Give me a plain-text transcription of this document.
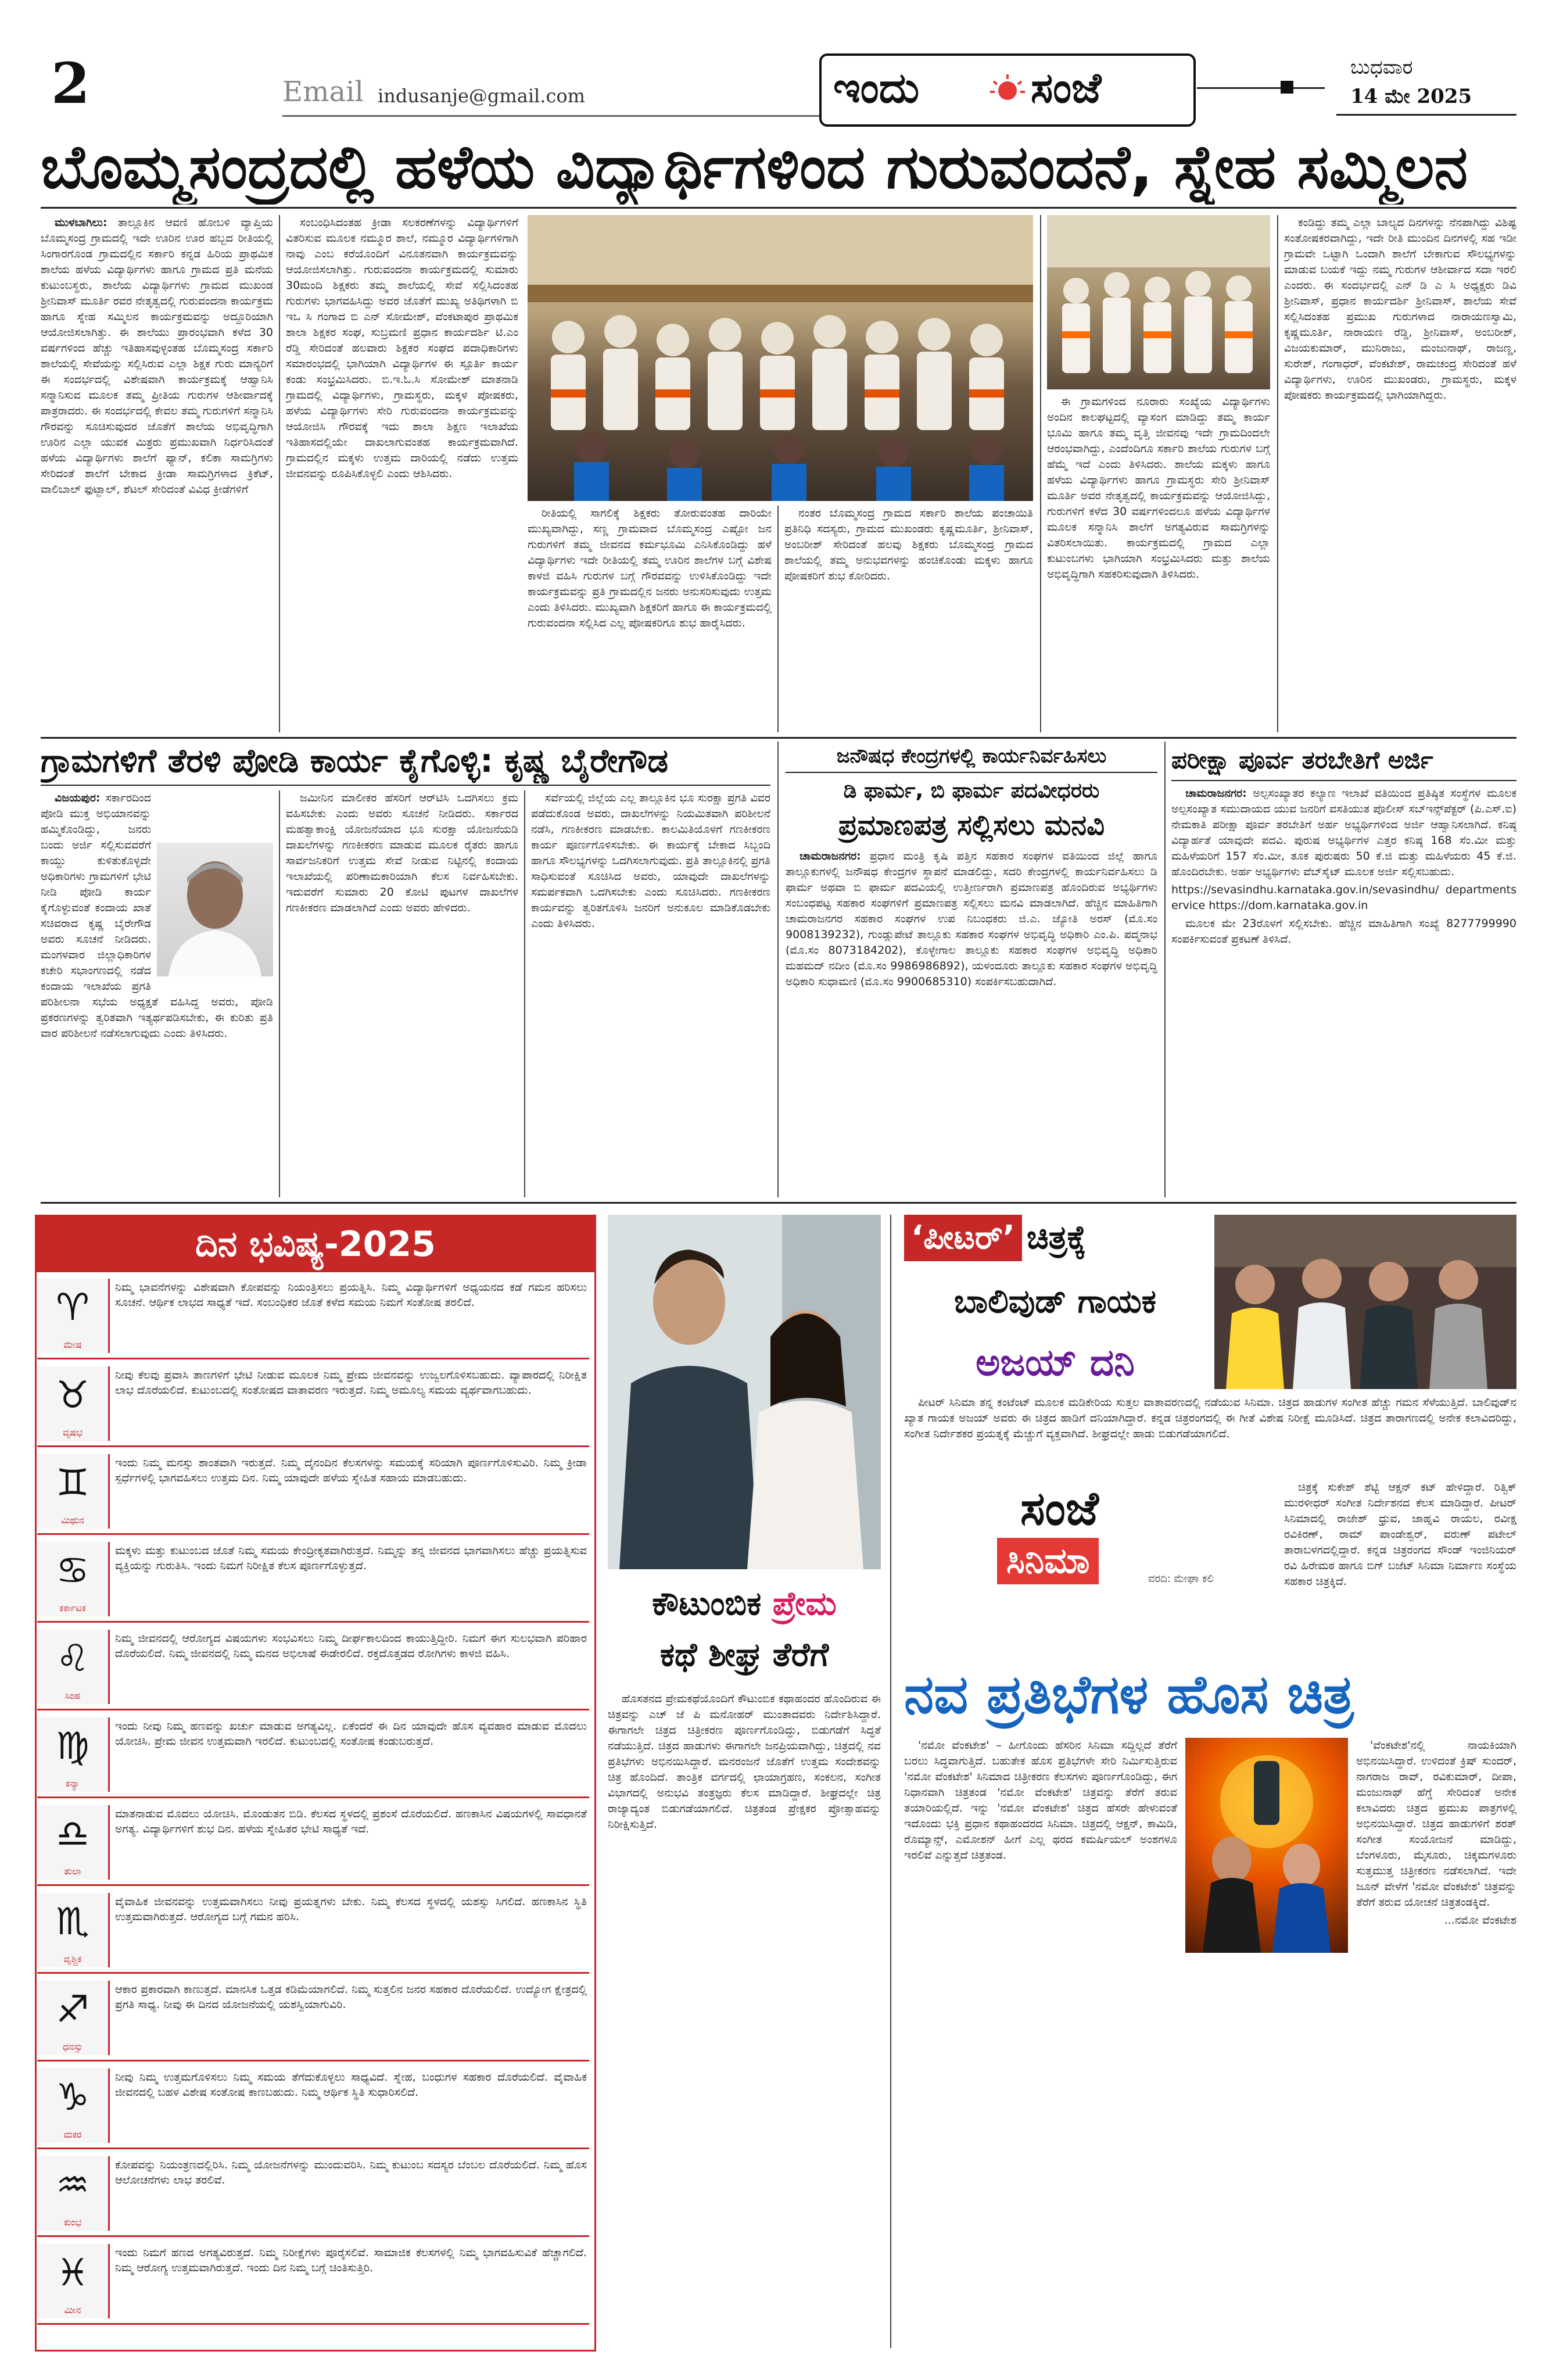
2	Email indusanje@gmail.com	ಇಂದು	ಸಂಜೆ	ಬುಧವಾರ
14 ಮೇ 2025
ಬೊಮ್ಮಸಂದ್ರದಲ್ಲಿ ಹಳೆಯ ವಿದ್ಯಾರ್ಥಿಗಳಿಂದ ಗುರುವಂದನೆ, ಸ್ನೇಹ ಸಮ್ಮಿಲನ

ಮುಳಬಾಗಿಲು: ತಾಲ್ಲೂಕಿನ ಆವಣಿ ಹೋಬಳಿ ವ್ಯಾಪ್ತಿಯ ಬೊಮ್ಮಸಂದ್ರ ಗ್ರಾಮದಲ್ಲಿ ಇದೇ ಊರಿನ ಊರ ಹಬ್ಬದ ರೀತಿಯಲ್ಲಿ ಸಿಂಗಾರಗೊಂಡ ಗ್ರಾಮದಲ್ಲಿನ ಸರ್ಕಾರಿ ಕನ್ನಡ ಹಿರಿಯ ಪ್ರಾಥಮಿಕ ಶಾಲೆಯ ಹಳೆಯ ವಿದ್ಯಾರ್ಥಿಗಳು ಹಾಗೂ ಗ್ರಾಮದ ಪ್ರತಿ ಮನೆಯ ಕುಟುಂಬಸ್ಥರು, ಶಾಲೆಯ ವಿದ್ಯಾರ್ಥಿಗಳು ಗ್ರಾಮದ ಮುಖಂಡ ಶ್ರೀನಿವಾಸ್ ಮೂರ್ತಿ ರವರ ನೇತೃತ್ವದಲ್ಲಿ ಗುರುವಂದನಾ ಕಾರ್ಯಕ್ರಮ ಹಾಗೂ ಸ್ನೇಹ ಸಮ್ಮಿಲನ ಕಾರ್ಯಕ್ರಮವನ್ನು ಅದ್ದೂರಿಯಾಗಿ ಆಯೋಜಿಸಲಾಗಿತ್ತು. ಈ ಶಾಲೆಯು ಪ್ರಾರಂಭವಾಗಿ ಕಳೆದ 30 ವರ್ಷಗಳಿಂದ ಹೆಚ್ಚು ಇತಿಹಾಸವುಳ್ಳಂತಹ ಬೊಮ್ಮಸಂದ್ರ ಸರ್ಕಾರಿ ಶಾಲೆಯಲ್ಲಿ ಸೇವೆಯನ್ನು ಸಲ್ಲಿಸಿರುವ ಎಲ್ಲಾ ಶಿಕ್ಷಕ ಗುರು ಮಾನ್ಯರಿಗೆ ಈ ಸಂದರ್ಭದಲ್ಲಿ ವಿಶೇಷವಾಗಿ ಕಾರ್ಯಕ್ರಮಕ್ಕೆ ಆಹ್ವಾನಿಸಿ ಸನ್ಮಾನಿಸುವ ಮೂಲಕ ತಮ್ಮ ಪ್ರೀತಿಯ ಗುರುಗಳ ಆಶೀರ್ವಾದಕ್ಕೆ ಪಾತ್ರರಾದರು. ಈ ಸಂದರ್ಭದಲ್ಲಿ ಕೇವಲ ತಮ್ಮ ಗುರುಗಳಿಗೆ ಸನ್ಮಾನಿಸಿ ಗೌರವನ್ನು ಸೂಚಿಸುವುದರ ಜೊತೆಗೆ ಶಾಲೆಯ ಅಭಿವೃದ್ಧಿಗಾಗಿ ಊರಿನ ಎಲ್ಲಾ ಯುವಕ ಮಿತ್ರರು ಪ್ರಮುಖವಾಗಿ ನಿರ್ಧರಿಸಿದಂತೆ ಹಳೆಯ ವಿದ್ಯಾರ್ಥಿಗಳು ಶಾಲೆಗೆ ಫ್ಯಾನ್, ಕಲಿಕಾ ಸಾಮಗ್ರಿಗಳು ಸೇರಿದಂತೆ ಶಾಲೆಗೆ ಬೇಕಾದ ಕ್ರೀಡಾ ಸಾಮಗ್ರಿಗಳಾದ ಕ್ರಿಕೆಟ್, ವಾಲಿಬಾಲ್ ಫುಟ್ಬಾಲ್, ಶೆಟಲ್ ಸೇರಿದಂತೆ ವಿವಿಧ ಕ್ರೀಡೆಗಳಿಗೆ

ಸಂಬಂಧಿಸಿದಂತಹ ಕ್ರೀಡಾ ಸಲಕರಣೆಗಳನ್ನು ವಿದ್ಯಾರ್ಥಿಗಳಿಗೆ ವಿತರಿಸುವ ಮೂಲಕ ನಮ್ಮೂರ ಶಾಲೆ, ನಮ್ಮೂರ ವಿದ್ಯಾರ್ಥಿಗಳಿಗಾಗಿ ನಾವು ಎಂಬ ಕರೆಯೊಂದಿಗೆ ವಿನೂತನವಾಗಿ ಕಾರ್ಯಕ್ರಮವನ್ನು ಆಯೋಜಿಸಲಾಗಿತ್ತು. ಗುರುವಂದನಾ ಕಾರ್ಯಕ್ರಮದಲ್ಲಿ ಸುಮಾರು 30ಮಂದಿ ಶಿಕ್ಷಕರು ತಮ್ಮ ಶಾಲೆಯಲ್ಲಿ ಸೇವೆ ಸಲ್ಲಿಸಿದಂತಹ ಗುರುಗಳು ಭಾಗವಹಿಸಿದ್ದು ಅವರ ಜೊತೆಗೆ ಮುಖ್ಯ ಅತಿಥಿಗಳಾಗಿ ಬಿ ಇಒ ಸಿ ಗಂಗಾದ ಬಿ ಎನ್ ಸೋಮೇಶ್, ವೆಂಕಟಾಪುರ ಪ್ರಾಥಮಿಕ ಶಾಲಾ ಶಿಕ್ಷಕರ ಸಂಘ, ಸುಬ್ರಮಣಿ ಪ್ರಧಾನ ಕಾರ್ಯದರ್ಶಿ ಟಿ.ಎಂ ರೆಡ್ಡಿ ಸೇರಿದಂತೆ ಹಲವಾರು ಶಿಕ್ಷಕರ ಸಂಘದ ಪದಾಧಿಕಾರಿಗಳು ಸಮಾರಂಭದಲ್ಲಿ ಭಾಗಿಯಾಗಿ ವಿದ್ಯಾರ್ಥಿಗಳ ಈ ಸ್ಪೂರ್ತಿ ಕಾರ್ಯ ಕಂಡು ಸಂಭ್ರಮಿಸಿದರು. ಬಿ.ಇ.ಓ.ಸಿ ಸೋಮೇಶ್ ಮಾತನಾಡಿ ಗ್ರಾಮದಲ್ಲಿ ವಿದ್ಯಾರ್ಥಿಗಳು, ಗ್ರಾಮಸ್ಥರು, ಮಕ್ಕಳ ಪೋಷಕರು, ಹಳೆಯ ವಿದ್ಯಾರ್ಥಿಗಳು ಸೇರಿ ಗುರುವಂದನಾ ಕಾರ್ಯಕ್ರಮವನ್ನು ಆಯೋಜಿಸಿ ಗೌರವಕ್ಕೆ ಇದು ಶಾಲಾ ಶಿಕ್ಷಣ ಇಲಾಖೆಯ ಇತಿಹಾಸದಲ್ಲಿಯೇ ದಾಖಲಾಗುವಂತಹ ಕಾರ್ಯಕ್ರಮವಾಗಿದೆ. ಗ್ರಾಮದಲ್ಲಿನ ಮಕ್ಕಳು ಉತ್ತಮ ದಾರಿಯಲ್ಲಿ ನಡೆದು ಉತ್ತಮ ಜೀವನವನ್ನು ರೂಪಿಸಿಕೊಳ್ಳಲಿ ಎಂದು ಆಶಿಸಿದರು.

ರೀತಿಯಲ್ಲಿ ಸಾಗಲಿಕ್ಕೆ ಶಿಕ್ಷಕರು ತೋರುವಂತಹ ದಾರಿಯೇ ಮುಖ್ಯವಾಗಿದ್ದು, ಸಣ್ಣ ಗ್ರಾಮವಾದ ಬೊಮ್ಮಸಂದ್ರ ಎಷ್ಟೋ ಜನ ಗುರುಗಳಿಗೆ ತಮ್ಮ ಜೀವನದ ಕರ್ಮಭೂಮಿ ಎನಿಸಿಕೊಂಡಿದ್ದು ಹಳೆ ವಿದ್ಯಾರ್ಥಿಗಳು ಇದೇ ರೀತಿಯಲ್ಲಿ ತಮ್ಮ ಊರಿನ ಶಾಲೆಗಳ ಬಗ್ಗೆ ವಿಶೇಷ ಕಾಳಜಿ ವಹಿಸಿ ಗುರುಗಳ ಬಗ್ಗೆ ಗೌರವವನ್ನು ಉಳಿಸಿಕೊಂಡಿದ್ದು ಇದೇ ಕಾರ್ಯಕ್ರಮವನ್ನು ಪ್ರತಿ ಗ್ರಾಮದಲ್ಲಿನ ಜನರು ಅನುಸರಿಸುವುದು ಉತ್ತಮ ಎಂದು ತಿಳಿಸಿದರು. ಮುಖ್ಯವಾಗಿ ಶಿಕ್ಷಕರಿಗೆ ಹಾಗೂ ಈ ಕಾರ್ಯಕ್ರಮದಲ್ಲಿ ಗುರುವಂದನಾ ಸಲ್ಲಿಸಿದ ಎಲ್ಲ ಪೋಷಕರಿಗೂ ಶುಭ ಹಾರೈಸಿದರು.

ನಂತರ ಬೊಮ್ಮಸಂದ್ರ ಗ್ರಾಮದ ಸರ್ಕಾರಿ ಶಾಲೆಯ ಪಂಚಾಯಿತಿ ಪ್ರತಿನಿಧಿ ಸದಸ್ಯರು, ಗ್ರಾಮದ ಮುಖಂಡರು ಕೃಷ್ಣಮೂರ್ತಿ, ಶ್ರೀನಿವಾಸ್, ಅಂಬರೀಶ್ ಸೇರಿದಂತೆ ಹಲವು ಶಿಕ್ಷಕರು ಬೊಮ್ಮಸಂದ್ರ ಗ್ರಾಮದ ಶಾಲೆಯಲ್ಲಿ ತಮ್ಮ ಅನುಭವಗಳನ್ನು ಹಂಚಿಕೊಂಡು ಮಕ್ಕಳು ಹಾಗೂ ಪೋಷಕರಿಗೆ ಶುಭ ಕೋರಿದರು.

ಈ ಗ್ರಾಮಗಳಿಂದ ನೂರಾರು ಸಂಖ್ಯೆಯ ವಿದ್ಯಾರ್ಥಿಗಳು ಅಂದಿನ ಕಾಲಘಟ್ಟದಲ್ಲಿ ವ್ಯಾಸಂಗ ಮಾಡಿದ್ದು ತಮ್ಮ ಕಾರ್ಯ ಭೂಮಿ ಹಾಗೂ ತಮ್ಮ ವೃತ್ತಿ ಜೀವನವು ಇದೇ ಗ್ರಾಮದಿಂದಲೇ ಆರಂಭವಾಗಿದ್ದು, ಎಂದೆಂದಿಗೂ ಸರ್ಕಾರಿ ಶಾಲೆಯ ಗುರುಗಳ ಬಗ್ಗೆ ಹೆಮ್ಮೆ ಇದೆ ಎಂದು ತಿಳಿಸಿದರು. ಶಾಲೆಯ ಮಕ್ಕಳು ಹಾಗೂ ಹಳೆಯ ವಿದ್ಯಾರ್ಥಿಗಳು ಹಾಗೂ ಗ್ರಾಮಸ್ಥರು ಸೇರಿ ಶ್ರೀನಿವಾಸ್ ಮೂರ್ತಿ ಅವರ ನೇತೃತ್ವದಲ್ಲಿ ಕಾರ್ಯಕ್ರಮವನ್ನು ಆಯೋಜಿಸಿದ್ದು, ಗುರುಗಳಿಗೆ ಕಳೆದ 30 ವರ್ಷಗಳಿಂದಲೂ ಹಳೆಯ ವಿದ್ಯಾರ್ಥಿಗಳ ಮೂಲಕ ಸನ್ಮಾನಿಸಿ ಶಾಲೆಗೆ ಅಗತ್ಯವಿರುವ ಸಾಮಗ್ರಿಗಳನ್ನು ವಿತರಿಸಲಾಯಿತು. ಕಾರ್ಯಕ್ರಮದಲ್ಲಿ ಗ್ರಾಮದ ಎಲ್ಲಾ ಕುಟುಂಬಗಳು ಭಾಗಿಯಾಗಿ ಸಂಭ್ರಮಿಸಿದರು ಮತ್ತು ಶಾಲೆಯ ಅಭಿವೃದ್ಧಿಗಾಗಿ ಸಹಕರಿಸುವುದಾಗಿ ತಿಳಿಸಿದರು.

ಕಂಡಿದ್ದು ತಮ್ಮ ಎಲ್ಲಾ ಬಾಲ್ಯದ ದಿನಗಳನ್ನು ನೆನಪಾಗಿದ್ದು ವಿಶಿಷ್ಟ ಸಂತೋಷಕರವಾಗಿದ್ದು, ಇದೇ ರೀತಿ ಮುಂದಿನ ದಿನಗಳಲ್ಲಿ ಸಹ ಇಡೀ ಗ್ರಾಮವೇ ಒಟ್ಟಾಗಿ ಒಂದಾಗಿ ಶಾಲೆಗೆ ಬೇಕಾಗುವ ಸೌಲಭ್ಯಗಳನ್ನು ಮಾಡುವ ಬಯಕೆ ಇದ್ದು ನಮ್ಮ ಗುರುಗಳ ಆಶೀರ್ವಾದ ಸದಾ ಇರಲಿ ಎಂದರು. ಈ ಸಂದರ್ಭದಲ್ಲಿ ಎನ್ ಡಿ ಎ ಸಿ ಅಧ್ಯಕ್ಷರು ಡಿವಿ ಶ್ರೀನಿವಾಸ್, ಪ್ರಧಾನ ಕಾರ್ಯದರ್ಶಿ ಶ್ರೀನಿವಾಸ್, ಶಾಲೆಯ ಸೇವೆ ಸಲ್ಲಿಸಿದಂತಹ ಪ್ರಮುಖ ಗುರುಗಳಾದ ನಾರಾಯಣಸ್ವಾಮಿ, ಕೃಷ್ಣಮೂರ್ತಿ, ನಾರಾಯಣ ರೆಡ್ಡಿ, ಶ್ರೀನಿವಾಸ್, ಅಂಬರೀಶ್, ವಿಜಯಕುಮಾರ್, ಮುನಿರಾಜು, ಮಂಜುನಾಥ್, ರಾಜಣ್ಣ, ಸುರೇಶ್, ಗಂಗಾಧರ್, ವೆಂಕಟೇಶ್, ರಾಮಚಂದ್ರ ಸೇರಿದಂತೆ ಹಳೆ ವಿದ್ಯಾರ್ಥಿಗಳು, ಊರಿನ ಮುಖಂಡರು, ಗ್ರಾಮಸ್ಥರು, ಮಕ್ಕಳ ಪೋಷಕರು ಕಾರ್ಯಕ್ರಮದಲ್ಲಿ ಭಾಗಿಯಾಗಿದ್ದರು.

ಗ್ರಾಮಗಳಿಗೆ ತೆರಳಿ ಪೋಡಿ ಕಾರ್ಯ ಕೈಗೊಳ್ಳಿ: ಕೃಷ್ಣ ಬೈರೇಗೌಡ

ವಿಜಯಪುರ: ಸರ್ಕಾರದಿಂದ ಪೋಡಿ ಮುಕ್ತ ಅಭಿಯಾನವನ್ನು ಹಮ್ಮಿಕೊಂಡಿದ್ದು, ಜನರು ಬಂದು ಅರ್ಜಿ ಸಲ್ಲಿಸುವವರೆಗೆ ಕಾಯ್ದು ಕುಳಿತುಕೊಳ್ಳದೇ ಅಧಿಕಾರಿಗಳು ಗ್ರಾಮಗಳಿಗೆ ಭೇಟಿ ನೀಡಿ ಪೋಡಿ ಕಾರ್ಯ ಕೈಗೊಳ್ಳುವಂತೆ ಕಂದಾಯ ಖಾತೆ ಸಚಿವರಾದ ಕೃಷ್ಣ ಬೈರೇಗೌಡ ಅವರು ಸೂಚನೆ ನೀಡಿದರು. ಮಂಗಳವಾರ ಜಿಲ್ಲಾಧಿಕಾರಿಗಳ ಕಚೇರಿ ಸಭಾಂಗಣದಲ್ಲಿ ನಡೆದ ಕಂದಾಯ ಇಲಾಖೆಯ ಪ್ರಗತಿ ಪರಿಶೀಲನಾ ಸಭೆಯ ಅಧ್ಯಕ್ಷತೆ ವಹಿಸಿದ್ದ ಅವರು, ಪೋಡಿ ಪ್ರಕರಣಗಳನ್ನು ತ್ವರಿತವಾಗಿ ಇತ್ಯರ್ಥಪಡಿಸಬೇಕು, ಈ ಕುರಿತು ಪ್ರತಿ ವಾರ ಪರಿಶೀಲನೆ ನಡೆಸಲಾಗುವುದು ಎಂದು ತಿಳಿಸಿದರು.

ಜಮೀನಿನ ಮಾಲೀಕರ ಹೆಸರಿಗೆ ಆರ್‌ಟಿಸಿ ಒದಗಿಸಲು ಕ್ರಮ ವಹಿಸಬೇಕು ಎಂದು ಅವರು ಸೂಚನೆ ನೀಡಿದರು. ಸರ್ಕಾರದ ಮಹತ್ವಾಕಾಂಕ್ಷಿ ಯೋಜನೆಯಾದ ಭೂ ಸುರಕ್ಷಾ ಯೋಜನೆಯಡಿ ದಾಖಲೆಗಳನ್ನು ಗಣಕೀಕರಣ ಮಾಡುವ ಮೂಲಕ ರೈತರು ಹಾಗೂ ಸಾರ್ವಜನಿಕರಿಗೆ ಉತ್ತಮ ಸೇವೆ ನೀಡುವ ನಿಟ್ಟಿನಲ್ಲಿ ಕಂದಾಯ ಇಲಾಖೆಯಲ್ಲಿ ಪರಿಣಾಮಕಾರಿಯಾಗಿ ಕೆಲಸ ನಿರ್ವಹಿಸಬೇಕು. ಇದುವರೆಗೆ ಸುಮಾರು 20 ಕೋಟಿ ಪುಟಗಳ ದಾಖಲೆಗಳ ಗಣಕೀಕರಣ ಮಾಡಲಾಗಿದೆ ಎಂದು ಅವರು ಹೇಳಿದರು.

ಸರ್ವೆಯಲ್ಲಿ ಜಿಲ್ಲೆಯ ಎಲ್ಲ ತಾಲ್ಲೂಕಿನ ಭೂ ಸುರಕ್ಷಾ ಪ್ರಗತಿ ವಿವರ ಪಡೆದುಕೊಂಡ ಅವರು, ದಾಖಲೆಗಳನ್ನು ನಿಯಮಿತವಾಗಿ ಪರಿಶೀಲನೆ ನಡೆಸಿ, ಗಣಕೀಕರಣ ಮಾಡಬೇಕು. ಕಾಲಮಿತಿಯೊಳಗೆ ಗಣಕೀಕರಣ ಕಾರ್ಯ ಪೂರ್ಣಗೊಳಿಸಬೇಕು. ಈ ಕಾರ್ಯಕ್ಕೆ ಬೇಕಾದ ಸಿಬ್ಬಂದಿ ಹಾಗೂ ಸೌಲಭ್ಯಗಳನ್ನು ಒದಗಿಸಲಾಗುವುದು. ಪ್ರತಿ ತಾಲ್ಲೂಕಿನಲ್ಲಿ ಪ್ರಗತಿ ಸಾಧಿಸುವಂತೆ ಸೂಚಿಸಿದ ಅವರು, ಯಾವುದೇ ದಾಖಲೆಗಳನ್ನು ಸಮರ್ಪಕವಾಗಿ ಒದಗಿಸಬೇಕು ಎಂದು ಸೂಚಿಸಿದರು. ಗಣಕೀಕರಣ ಕಾರ್ಯವನ್ನು ತ್ವರಿತಗೊಳಿಸಿ ಜನರಿಗೆ ಅನುಕೂಲ ಮಾಡಿಕೊಡಬೇಕು ಎಂದು ತಿಳಿಸಿದರು.

ಜನೌಷಧ ಕೇಂದ್ರಗಳಲ್ಲಿ ಕಾರ್ಯನಿರ್ವಹಿಸಲು
ಡಿ ಫಾರ್ಮ, ಬಿ ಫಾರ್ಮ ಪದವೀಧರರು
ಪ್ರಮಾಣಪತ್ರ ಸಲ್ಲಿಸಲು ಮನವಿ

ಚಾಮರಾಜನಗರ: ಪ್ರಧಾನ ಮಂತ್ರಿ ಕೃಷಿ ಪತ್ತಿನ ಸಹಕಾರ ಸಂಘಗಳ ವತಿಯಿಂದ ಜಿಲ್ಲೆ ಹಾಗೂ ತಾಲ್ಲೂಕುಗಳಲ್ಲಿ ಜನೌಷಧ ಕೇಂದ್ರಗಳ ಸ್ಥಾಪನೆ ಮಾಡಲಿದ್ದು, ಸದರಿ ಕೇಂದ್ರಗಳಲ್ಲಿ ಕಾರ್ಯನಿರ್ವಹಿಸಲು ಡಿ ಫಾರ್ಮ ಅಥವಾ ಬಿ ಫಾರ್ಮ ಪದವಿಯಲ್ಲಿ ಉತ್ತೀರ್ಣರಾಗಿ ಪ್ರಮಾಣಪತ್ರ ಹೊಂದಿರುವ ಅಭ್ಯರ್ಥಿಗಳು ಸಂಬಂಧಪಟ್ಟ ಸಹಕಾರ ಸಂಘಗಳಿಗೆ ಪ್ರಮಾಣಪತ್ರ ಸಲ್ಲಿಸಲು ಮನವಿ ಮಾಡಲಾಗಿದೆ. ಹೆಚ್ಚಿನ ಮಾಹಿತಿಗಾಗಿ ಚಾಮರಾಜನಗರ ಸಹಕಾರ ಸಂಘಗಳ ಉಪ ನಿಬಂಧಕರು ಜಿ.ಎ. ಜ್ಯೋತಿ ಅರಸ್ (ಮೊ.ಸಂ 9008139232), ಗುಂಡ್ಲುಪೇಟೆ ತಾಲ್ಲೂಕು ಸಹಕಾರ ಸಂಘಗಳ ಅಭಿವೃದ್ಧಿ ಅಧಿಕಾರಿ ಎಂ.ಪಿ. ಪದ್ಮನಾಭ (ಮೊ.ಸಂ 8073184202), ಕೊಳ್ಳೇಗಾಲ ತಾಲ್ಲೂಕು ಸಹಕಾರ ಸಂಘಗಳ ಅಭಿವೃದ್ಧಿ ಅಧಿಕಾರಿ ಮಹಮದ್ ನದೀಂ (ಮೊ.ಸಂ 9986986892), ಯಳಂದೂರು ತಾಲ್ಲೂಕು ಸಹಕಾರ ಸಂಘಗಳ ಅಭಿವೃದ್ಧಿ ಅಧಿಕಾರಿ ಸುಧಾಮಣಿ (ಮೊ.ಸಂ 9900685310) ಸಂಪರ್ಕಿಸಬಹುದಾಗಿದೆ.

ಪರೀಕ್ಷಾ ಪೂರ್ವ ತರಬೇತಿಗೆ ಅರ್ಜಿ

ಚಾಮರಾಜನಗರ: ಅಲ್ಪಸಂಖ್ಯಾತರ ಕಲ್ಯಾಣ ಇಲಾಖೆ ವತಿಯಿಂದ ಪ್ರತಿಷ್ಠಿತ ಸಂಸ್ಥೆಗಳ ಮೂಲಕ ಅಲ್ಪಸಂಖ್ಯಾತ ಸಮುದಾಯದ ಯುವ ಜನರಿಗೆ ವಸತಿಯುತ ಪೊಲೀಸ್ ಸಬ್‌ಇನ್ಸ್‌ಪೆಕ್ಟರ್ (ಪಿ.ಎಸ್.ಐ) ನೇಮಕಾತಿ ಪರೀಕ್ಷಾ ಪೂರ್ವ ತರಬೇತಿಗೆ ಅರ್ಹ ಅಭ್ಯರ್ಥಿಗಳಿಂದ ಅರ್ಜಿ ಆಹ್ವಾನಿಸಲಾಗಿದೆ. ಕನಿಷ್ಠ ವಿದ್ಯಾರ್ಹತೆ ಯಾವುದೇ ಪದವಿ. ಪುರುಷ ಅಭ್ಯರ್ಥಿಗಳ ಎತ್ತರ ಕನಿಷ್ಠ 168 ಸೆಂ.ಮೀ ಮತ್ತು ಮಹಿಳೆಯರಿಗೆ 157 ಸೆಂ.ಮೀ, ತೂಕ ಪುರುಷರು 50 ಕೆ.ಜಿ ಮತ್ತು ಮಹಿಳೆಯರು 45 ಕೆ.ಜಿ. ಹೊಂದಿರಬೇಕು. ಅರ್ಹ ಅಭ್ಯರ್ಥಿಗಳು ವೆಬ್‌ಸೈಟ್ ಮೂಲಕ ಅರ್ಜಿ ಸಲ್ಲಿಸಬಹುದು.

https://sevasindhu.karnataka.gov.in/sevasindhu/ departmentservice https://dom.karnataka.gov.in

ಮೂಲಕ ಮೇ 23ರೊಳಗೆ ಸಲ್ಲಿಸಬೇಕು. ಹೆಚ್ಚಿನ ಮಾಹಿತಿಗಾಗಿ ಸಂಖ್ಯೆ 8277799990 ಸಂಪರ್ಕಿಸುವಂತೆ ಪ್ರಕಟಣೆ ತಿಳಿಸಿದೆ.

ದಿನ ಭವಿಷ್ಯ-2025
♈
ಮೇಷ
ನಿಮ್ಮ ಭಾವನೆಗಳನ್ನು ವಿಶೇಷವಾಗಿ ಕೋಪವನ್ನು ನಿಯಂತ್ರಿಸಲು ಪ್ರಯತ್ನಿಸಿ. ನಿಮ್ಮ ವಿದ್ಯಾರ್ಥಿಗಳಿಗೆ ಅಧ್ಯಯನದ ಕಡೆ ಗಮನ ಹರಿಸಲು ಸೂಚನೆ. ಆರ್ಥಿಕ ಲಾಭದ ಸಾಧ್ಯತೆ ಇದೆ. ಸಂಬಂಧಿಕರ ಜೊತೆ ಕಳೆದ ಸಮಯ ನಿಮಗೆ ಸಂತೋಷ ತರಲಿದೆ.
♉
ವೃಷಭ
ನೀವು ಕೆಲವು ಪ್ರವಾಸಿ ತಾಣಗಳಿಗೆ ಭೇಟಿ ನೀಡುವ ಮೂಲಕ ನಿಮ್ಮ ಪ್ರೇಮ ಜೀವನವನ್ನು ಉಜ್ವಲಗೊಳಿಸಬಹುದು. ವ್ಯಾಪಾರದಲ್ಲಿ ನಿರೀಕ್ಷಿತ ಲಾಭ ದೊರೆಯಲಿದೆ. ಕುಟುಂಬದಲ್ಲಿ ಸಂತೋಷದ ವಾತಾವರಣ ಇರುತ್ತದೆ. ನಿಮ್ಮ ಅಮೂಲ್ಯ ಸಮಯ ವ್ಯರ್ಥವಾಗಬಹುದು.
♊
ಮಿಥುನ
ಇಂದು ನಿಮ್ಮ ಮನಸ್ಸು ಶಾಂತವಾಗಿ ಇರುತ್ತದೆ. ನಿಮ್ಮ ದೈನಂದಿನ ಕೆಲಸಗಳನ್ನು ಸಮಯಕ್ಕೆ ಸರಿಯಾಗಿ ಪೂರ್ಣಗೊಳಿಸುವಿರಿ. ನಿಮ್ಮ ಕ್ರೀಡಾ ಸ್ಪರ್ಧೆಗಳಲ್ಲಿ ಭಾಗವಹಿಸಲು ಉತ್ತಮ ದಿನ. ನಿಮ್ಮ ಯಾವುದೇ ಹಳೆಯ ಸ್ನೇಹಿತ ಸಹಾಯ ಮಾಡಬಹುದು.
♋
ಕರ್ಕಾಟಕ
ಮಕ್ಕಳು ಮತ್ತು ಕುಟುಂಬದ ಜೊತೆ ನಿಮ್ಮ ಸಮಯ ಕೇಂದ್ರೀಕೃತವಾಗಿರುತ್ತದೆ. ನಿಮ್ಮನ್ನು ತನ್ನ ಜೀವನದ ಭಾಗವಾಗಿಸಲು ಹೆಚ್ಚು ಪ್ರಯತ್ನಿಸುವ ವ್ಯಕ್ತಿಯನ್ನು ಗುರುತಿಸಿ. ಇಂದು ನಿಮಗೆ ನಿರೀಕ್ಷಿತ ಕೆಲಸ ಪೂರ್ಣಗೊಳ್ಳುತ್ತದೆ.
♌
ಸಿಂಹ
ನಿಮ್ಮ ಜೀವನದಲ್ಲಿ ಆರೋಗ್ಯದ ವಿಷಯಗಳು ಸಂಭವಿಸಲು ನಿಮ್ಮ ದೀರ್ಘಕಾಲದಿಂದ ಕಾಯುತ್ತಿದ್ದೀರಿ. ನಿಮಗೆ ಈಗ ಸುಲಭವಾಗಿ ಪರಿಹಾರ ದೊರೆಯಲಿದೆ. ನಿಮ್ಮ ಜೀವನದಲ್ಲಿ ನಿಮ್ಮ ಮನದ ಅಭಿಲಾಷೆ ಈಡೇರಲಿದೆ. ರಕ್ತದೊತ್ತಡದ ರೋಗಿಗಳು ಕಾಳಜಿ ವಹಿಸಿ.
♍
ಕನ್ಯಾ
ಇಂದು ನೀವು ನಿಮ್ಮ ಹಣವನ್ನು ಖರ್ಚು ಮಾಡುವ ಅಗತ್ಯವಿಲ್ಲ. ಏಕೆಂದರೆ ಈ ದಿನ ಯಾವುದೇ ಹೊಸ ವ್ಯವಹಾರ ಮಾಡುವ ಮೊದಲು ಯೋಚಿಸಿ. ಪ್ರೇಮ ಜೀವನ ಉತ್ತಮವಾಗಿ ಇರಲಿದೆ. ಕುಟುಂಬದಲ್ಲಿ ಸಂತೋಷ ಕಂಡುಬರುತ್ತದೆ.
♎
ತುಲಾ
ಮಾತನಾಡುವ ಮೊದಲು ಯೋಚಿಸಿ. ಮೊಂಡುತನ ಬಿಡಿ. ಕೆಲಸದ ಸ್ಥಳದಲ್ಲಿ ಪ್ರಶಂಸೆ ದೊರೆಯಲಿದೆ. ಹಣಕಾಸಿನ ವಿಷಯಗಳಲ್ಲಿ ಸಾವಧಾನತೆ ಅಗತ್ಯ. ವಿದ್ಯಾರ್ಥಿಗಳಿಗೆ ಶುಭ ದಿನ. ಹಳೆಯ ಸ್ನೇಹಿತರ ಭೇಟಿ ಸಾಧ್ಯತೆ ಇದೆ.
♏
ವೃಶ್ಚಿಕ
ವೈವಾಹಿಕ ಜೀವನವನ್ನು ಉತ್ತಮವಾಗಿಸಲು ನೀವು ಪ್ರಯತ್ನಗಳು ಬೇಕು. ನಿಮ್ಮ ಕೆಲಸದ ಸ್ಥಳದಲ್ಲಿ ಯಶಸ್ಸು ಸಿಗಲಿದೆ. ಹಣಕಾಸಿನ ಸ್ಥಿತಿ ಉತ್ತಮವಾಗಿರುತ್ತದೆ. ಆರೋಗ್ಯದ ಬಗ್ಗೆ ಗಮನ ಹರಿಸಿ.
♐
ಧನಸ್ಸು
ಆಕಾರ ಪ್ರಕಾರವಾಗಿ ಕಾಣುತ್ತದೆ. ಮಾನಸಿಕ ಒತ್ತಡ ಕಡಿಮೆಯಾಗಲಿದೆ. ನಿಮ್ಮ ಸುತ್ತಲಿನ ಜನರ ಸಹಕಾರ ದೊರೆಯಲಿದೆ. ಉದ್ಯೋಗ ಕ್ಷೇತ್ರದಲ್ಲಿ ಪ್ರಗತಿ ಸಾಧ್ಯ. ನೀವು ಈ ದಿನದ ಯೋಜನೆಯಲ್ಲಿ ಯಶಸ್ವಿಯಾಗುವಿರಿ.
♑
ಮಕರ
ನೀವು ನಿಮ್ಮ ಉತ್ತಮಗೊಳಿಸಲು ನಿಮ್ಮ ಸಮಯ ತೆಗೆದುಕೊಳ್ಳಲು ಸಾಧ್ಯವಿದೆ. ಸ್ನೇಹ, ಬಂಧುಗಳ ಸಹಕಾರ ದೊರೆಯಲಿದೆ. ವೈವಾಹಿಕ ಜೀವನದಲ್ಲಿ ಬಹಳ ವಿಶೇಷ ಸಂತೋಷ ಕಾಣಬಹುದು. ನಿಮ್ಮ ಆರ್ಥಿಕ ಸ್ಥಿತಿ ಸುಧಾರಿಸಲಿದೆ.
♒
ಕುಂಭ
ಕೋಪವನ್ನು ನಿಯಂತ್ರಣದಲ್ಲಿರಿಸಿ. ನಿಮ್ಮ ಯೋಜನೆಗಳನ್ನು ಮುಂದುವರಿಸಿ. ನಿಮ್ಮ ಕುಟುಂಬ ಸದಸ್ಯರ ಬೆಂಬಲ ದೊರೆಯಲಿದೆ. ನಿಮ್ಮ ಹೊಸ ಆಲೋಚನೆಗಳು ಲಾಭ ತರಲಿವೆ.
♓
ಮೀನ
ಇಂದು ನಿಮಗೆ ಹಣದ ಅಗತ್ಯವಿರುತ್ತದೆ. ನಿಮ್ಮ ನಿರೀಕ್ಷೆಗಳು ಪೂರೈಸಲಿವೆ. ಸಾಮಾಜಿಕ ಕೆಲಸಗಳಲ್ಲಿ ನಿಮ್ಮ ಭಾಗವಹಿಸುವಿಕೆ ಹೆಚ್ಚಾಗಲಿದೆ. ನಿಮ್ಮ ಆರೋಗ್ಯ ಉತ್ತಮವಾಗಿರುತ್ತದೆ. ಇಂದು ದಿನ ನಿಮ್ಮ ಬಗ್ಗೆ ಚಿಂತಿಸುತ್ತಿರಿ.
ಕೌಟುಂಬಿಕ ಪ್ರೇಮ
ಕಥೆ ಶೀಘ್ರ ತೆರೆಗೆ

ಹೊಸತನದ ಪ್ರೇಮಕಥೆಯೊಂದಿಗೆ ಕೌಟುಂಬಿಕ ಕಥಾಹಂದರ ಹೊಂದಿರುವ ಈ ಚಿತ್ರವನ್ನು ಎಚ್ ಜೆ ಪಿ ಮನೋಹರ್ ಮುಂತಾದವರು ನಿರ್ದೇಶಿಸಿದ್ದಾರೆ. ಈಗಾಗಲೇ ಚಿತ್ರದ ಚಿತ್ರೀಕರಣ ಪೂರ್ಣಗೊಂಡಿದ್ದು, ಬಿಡುಗಡೆಗೆ ಸಿದ್ಧತೆ ನಡೆಯುತ್ತಿದೆ. ಚಿತ್ರದ ಹಾಡುಗಳು ಈಗಾಗಲೇ ಜನಪ್ರಿಯವಾಗಿದ್ದು, ಚಿತ್ರದಲ್ಲಿ ನವ ಪ್ರತಿಭೆಗಳು ಅಭಿನಯಿಸಿದ್ದಾರೆ. ಮನರಂಜನೆ ಜೊತೆಗೆ ಉತ್ತಮ ಸಂದೇಶವನ್ನು ಚಿತ್ರ ಹೊಂದಿದೆ. ತಾಂತ್ರಿಕ ವರ್ಗದಲ್ಲಿ ಛಾಯಾಗ್ರಹಣ, ಸಂಕಲನ, ಸಂಗೀತ ವಿಭಾಗದಲ್ಲಿ ಅನುಭವಿ ತಂತ್ರಜ್ಞರು ಕೆಲಸ ಮಾಡಿದ್ದಾರೆ. ಶೀಘ್ರದಲ್ಲೇ ಚಿತ್ರ ರಾಜ್ಯಾದ್ಯಂತ ಬಿಡುಗಡೆಯಾಗಲಿದೆ. ಚಿತ್ರತಂಡ ಪ್ರೇಕ್ಷಕರ ಪ್ರೋತ್ಸಾಹವನ್ನು ನಿರೀಕ್ಷಿಸುತ್ತಿದೆ.

‘ಪೀಟರ್’ ಚಿತ್ರಕ್ಕೆ
ಬಾಲಿವುಡ್ ಗಾಯಕ
ಅಜಯ್ ದನಿ

ಪೀಟರ್ ಸಿನಿಮಾ ತನ್ನ ಕಂಟೆಂಟ್ ಮೂಲಕ ಮಡಿಕೇರಿಯ ಸುತ್ತಲ ವಾತಾವರಣದಲ್ಲಿ ನಡೆಯುವ ಸಿನಿಮಾ. ಚಿತ್ರದ ಹಾಡುಗಳ ಸಂಗೀತ ಹೆಚ್ಚು ಗಮನ ಸೆಳೆಯುತ್ತಿದೆ. ಬಾಲಿವುಡ್‌ನ ಖ್ಯಾತ ಗಾಯಕ ಅಜಯ್ ಅವರು ಈ ಚಿತ್ರದ ಹಾಡಿಗೆ ದನಿಯಾಗಿದ್ದಾರೆ. ಕನ್ನಡ ಚಿತ್ರರಂಗದಲ್ಲಿ ಈ ಗೀತೆ ವಿಶೇಷ ನಿರೀಕ್ಷೆ ಮೂಡಿಸಿದೆ. ಚಿತ್ರದ ತಾರಾಗಣದಲ್ಲಿ ಅನೇಕ ಕಲಾವಿದರಿದ್ದು, ಸಂಗೀತ ನಿರ್ದೇಶಕರ ಪ್ರಯತ್ನಕ್ಕೆ ಮೆಚ್ಚುಗೆ ವ್ಯಕ್ತವಾಗಿದೆ. ಶೀಘ್ರದಲ್ಲೇ ಹಾಡು ಬಿಡುಗಡೆಯಾಗಲಿದೆ.

ಸಂಜೆ
ಸಿನಿಮಾ	ವರದಿ: ಮೇಘಾ ಕಲಿ

ಚಿತ್ರಕ್ಕೆ ಸುಕೇಶ್ ಶೆಟ್ಟಿ ಆಕ್ಷನ್ ಕಟ್ ಹೇಳಿದ್ದಾರೆ. ರಿತ್ವಿಕ್ ಮುರಳೀಧರ್ ಸಂಗೀತ ನಿರ್ದೇಶನದ ಕೆಲಸ ಮಾಡಿದ್ದಾರೆ. ಪೀಟರ್ ಸಿನಿಮಾದಲ್ಲಿ ರಾಜೇಶ್ ಧ್ರುವ, ಜಾಹ್ನವಿ ರಾಯಲ, ರವೀಕ್ಷ ರವಿಕಿರಣ್, ರಾಮ್ ಪಾಂಡೇಶ್ವರ್, ವರುಣ್ ಪಟೇಲ್ ತಾರಾಬಳಗದಲ್ಲಿದ್ದಾರೆ. ಕನ್ನಡ ಚಿತ್ರರಂಗದ ಸೌಂಡ್ ಇಂಜಿನಿಯರ್ ರವಿ ಹಿರೇಮಠ ಹಾಗೂ ಬಿಗ್ ಬಜೆಟ್ ಸಿನಿಮಾ ನಿರ್ಮಾಣ ಸಂಸ್ಥೆಯ ಸಹಕಾರ ಚಿತ್ರಕ್ಕಿದೆ.

ನವ ಪ್ರತಿಭೆಗಳ ಹೊಸ ಚಿತ್ರ

'ನಮೋ ವೆಂಕಟೇಶ' – ಹೀಗೊಂದು ಹೆಸರಿನ ಸಿನಿಮಾ ಸದ್ದಿಲ್ಲದೆ ತೆರೆಗೆ ಬರಲು ಸಿದ್ಧವಾಗುತ್ತಿದೆ. ಬಹುತೇಕ ಹೊಸ ಪ್ರತಿಭೆಗಳೇ ಸೇರಿ ನಿರ್ಮಿಸುತ್ತಿರುವ 'ನಮೋ ವೆಂಕಟೇಶ' ಸಿನಿಮಾದ ಚಿತ್ರೀಕರಣ ಕೆಲಸಗಳು ಪೂರ್ಣಗೊಂಡಿದ್ದು, ಈಗ ನಿಧಾನವಾಗಿ ಚಿತ್ರತಂಡ 'ನಮೋ ವೆಂಕಟೇಶ' ಚಿತ್ರವನ್ನು ತೆರೆಗೆ ತರುವ ತಯಾರಿಯಲ್ಲಿದೆ. ಇನ್ನು 'ನಮೋ ವೆಂಕಟೇಶ' ಚಿತ್ರದ ಹೆಸರೇ ಹೇಳುವಂತೆ ಇದೊಂದು ಭಕ್ತಿ ಪ್ರಧಾನ ಕಥಾಹಂದರದ ಸಿನಿಮಾ. ಚಿತ್ರದಲ್ಲಿ ಆಕ್ಷನ್, ಕಾಮಿಡಿ, ರೊಮ್ಯಾನ್ಸ್, ಎಮೋಶನ್ ಹೀಗೆ ಎಲ್ಲ ಥರದ ಕಮರ್ಷಿಯಲ್ ಅಂಶಗಳೂ ಇರಲಿವೆ ಎನ್ನುತ್ತದೆ ಚಿತ್ರತಂಡ.

'ವೆಂಕಟೇಶ'ನಲ್ಲಿ ನಾಯಕಿಯಾಗಿ ಅಭಿನಯಿಸಿದ್ದಾರೆ. ಉಳಿದಂತೆ ಕ್ರಿಷ್ ಸುಂದರ್, ನಾಗರಾಜ ರಾವ್, ರವಿಕುಮಾರ್, ದೀಪಾ, ಮಂಜುನಾಥ್ ಹೆಗ್ಡೆ ಸೇರಿದಂತೆ ಅನೇಕ ಕಲಾವಿದರು ಚಿತ್ರದ ಪ್ರಮುಖ ಪಾತ್ರಗಳಲ್ಲಿ ಅಭಿನಯಿಸಿದ್ದಾರೆ. ಚಿತ್ರದ ಹಾಡುಗಳಿಗೆ ಶರತ್ ಸಂಗೀತ ಸಂಯೋಜನೆ ಮಾಡಿದ್ದು, ಬೆಂಗಳೂರು, ಮೈಸೂರು, ಚಿಕ್ಕಮಗಳೂರು ಸುತ್ತಮುತ್ತ ಚಿತ್ರೀಕರಣ ನಡೆಸಲಾಗಿದೆ. ಇದೇ ಜೂನ್ ವೇಳೆಗೆ 'ನಮೋ ವೆಂಕಟೇಶ' ಚಿತ್ರವನ್ನು ತೆರೆಗೆ ತರುವ ಯೋಚನೆ ಚಿತ್ರತಂಡಕ್ಕಿದೆ.

...ನಮೋ ವೆಂಕಟೇಶ
